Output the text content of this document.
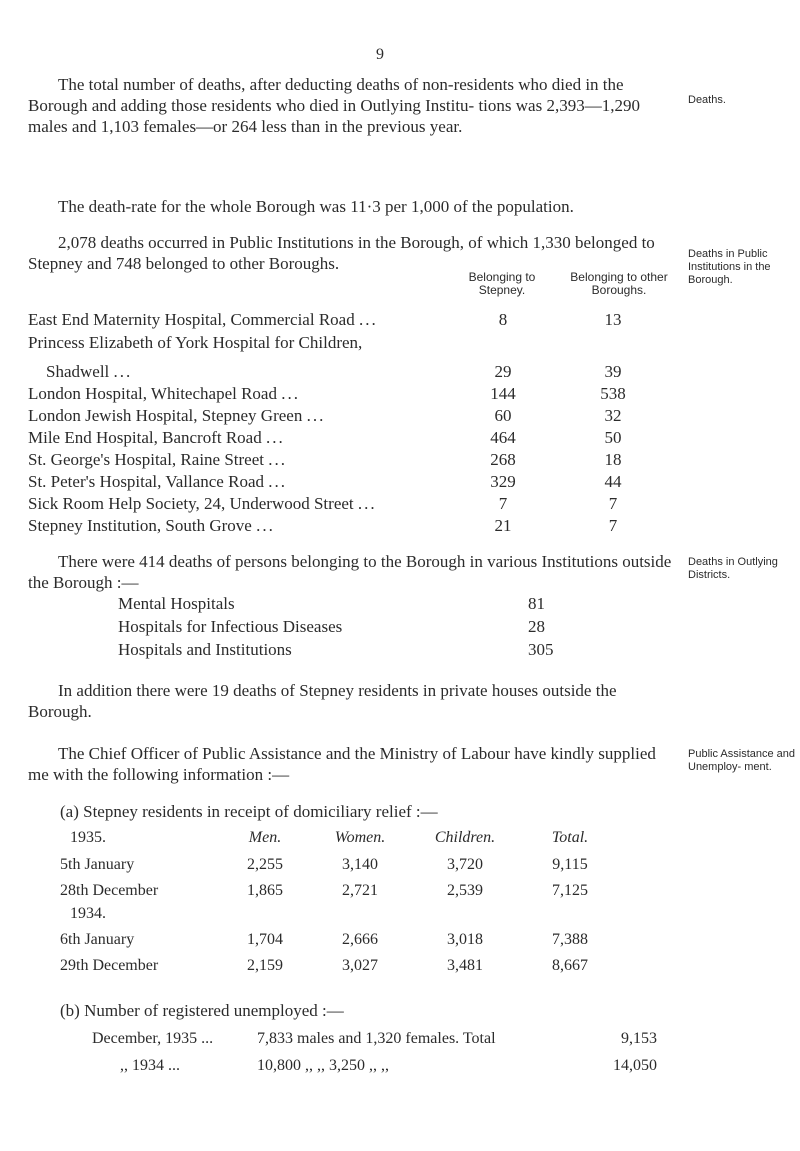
9
The total number of deaths, after deducting deaths of non-residents who died in the Borough and adding those residents who died in Outlying Institu- tions was 2,393—1,290 males and 1,103 females—or 264 less than in the previous year.
Deaths.
The death-rate for the whole Borough was 11·3 per 1,000 of the population.
2,078 deaths occurred in Public Institutions in the Borough, of which 1,330 belonged to Stepney and 748 belonged to other Boroughs.	Deaths in Public Institutions in the Borough.
Belonging to Stepney.
Belonging to other Boroughs.
East End Maternity Hospital, Commercial Road ...	8	13
Princess Elizabeth of York Hospital for Children,
Shadwell ...	29	39
London Hospital, Whitechapel Road ...	144	538
London Jewish Hospital, Stepney Green ...	60	32
Mile End Hospital, Bancroft Road ...	464	50
St. George's Hospital, Raine Street ...	268	18
St. Peter's Hospital, Vallance Road ...	329	44
Sick Room Help Society, 24, Underwood Street ...	7	7
Stepney Institution, South Grove ...	21	7
There were 414 deaths of persons belonging to the Borough in various Institutions outside the Borough :—
Deaths in Outlying Districts.
Mental Hospitals	81
Hospitals for Infectious Diseases	28
Hospitals and Institutions	305
In addition there were 19 deaths of Stepney residents in private houses outside the Borough.
The Chief Officer of Public Assistance and the Ministry of Labour have kindly supplied me with the following information :—
Public Assistance and Unemploy- ment.
(a) Stepney residents in receipt of domiciliary relief :—
1935.	Men.	Women.	Children.	Total.
5th January	2,255	3,140	3,720	9,115
28th December	1,865	2,721	2,539	7,125
1934.
6th January	1,704	2,666	3,018	7,388
29th December	2,159	3,027	3,481	8,667
(b) Number of registered unemployed :—
December, 1935 ...	7,833 males and 1,320 females. Total	9,153
,, 1934 ...	10,800 ,, ,, 3,250 ,, ,,	14,050
